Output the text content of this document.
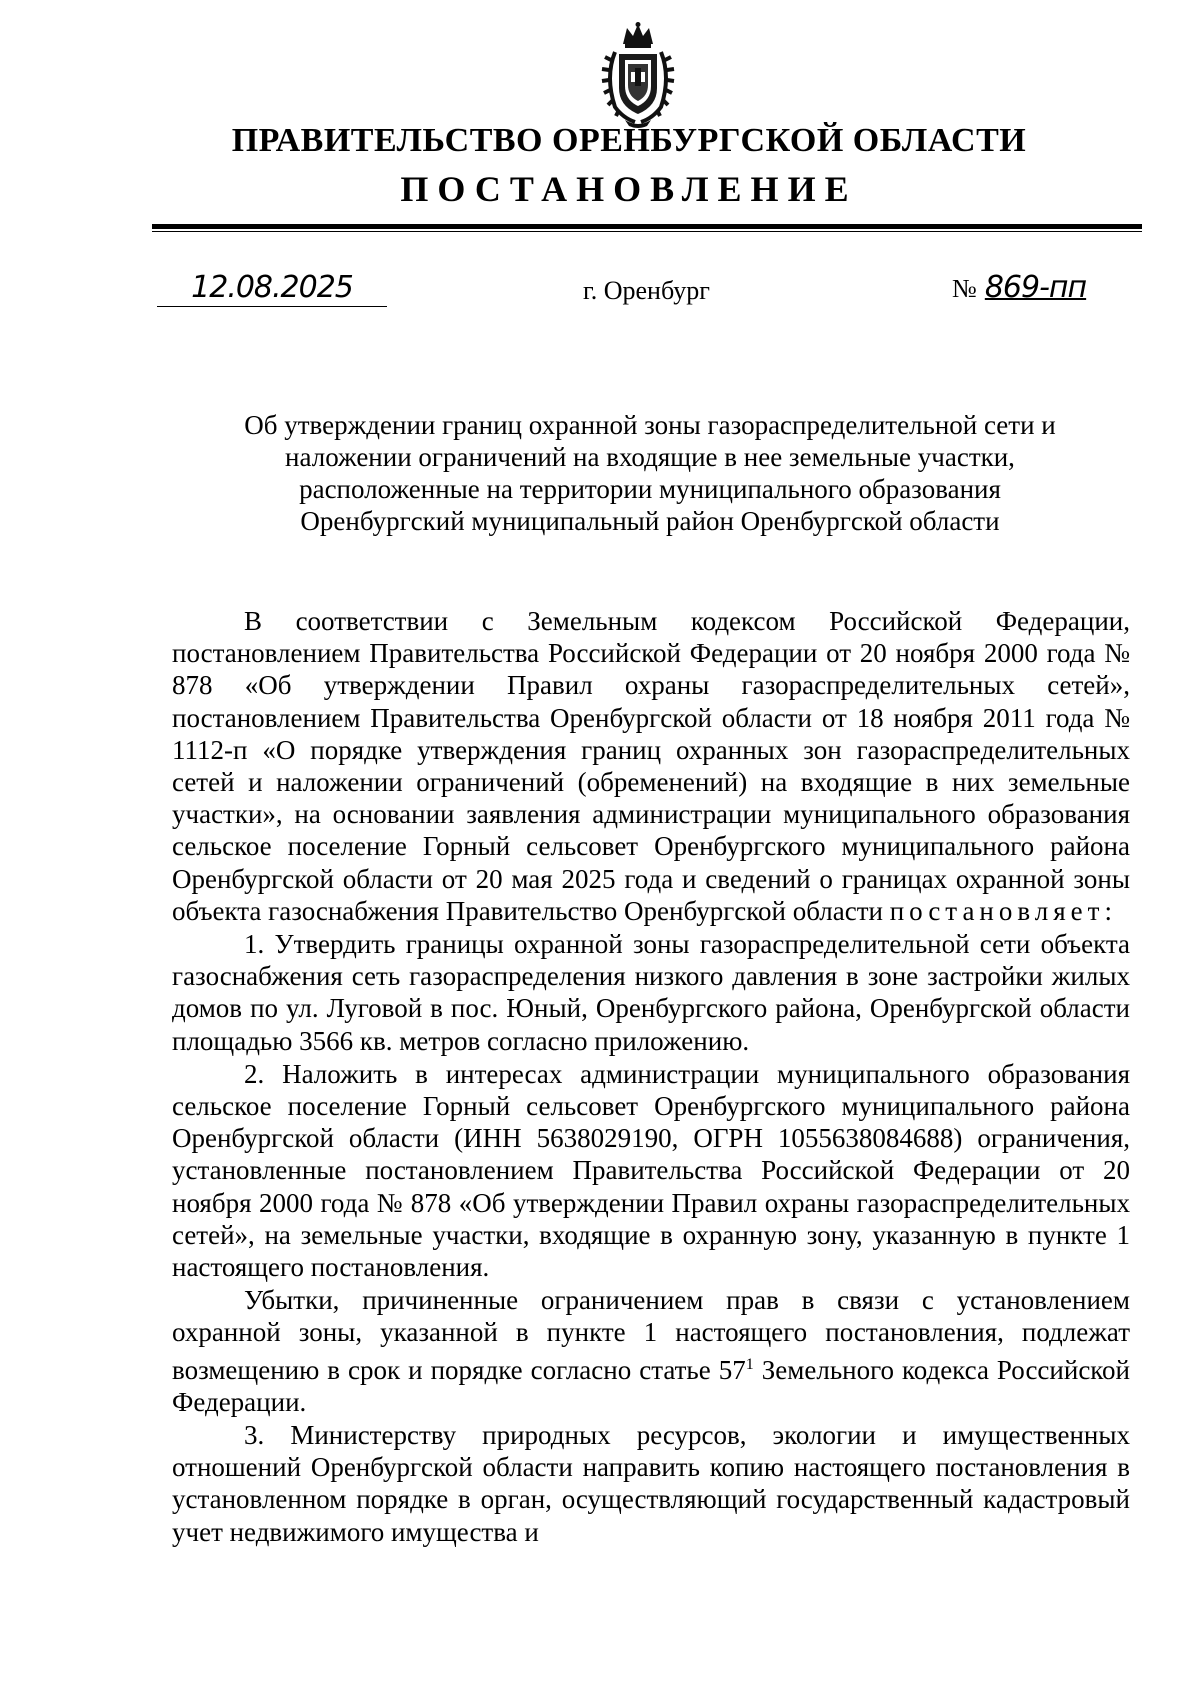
ПРАВИТЕЛЬСТВО ОРЕНБУРГСКОЙ ОБЛАСТИ
ПОСТАНОВЛЕНИЕ
12.08.2025	г. Оренбург	№ 869-пп
Об утверждении границ охранной зоны газораспределительной сети и
наложении ограничений на входящие в нее земельные участки,
расположенные на территории муниципального образования
Оренбургский муниципальный район Оренбургской области

В соответствии с Земельным кодексом Российской Федерации, постановлением Правительства Российской Федерации от 20 ноября 2000 года № 878 «Об утверждении Правил охраны газораспределительных сетей», постановлением Правительства Оренбургской области от 18 ноября 2011 года № 1112-п «О порядке утверждения границ охранных зон газораспределительных сетей и наложении ограничений (обременений) на входящие в них земельные участки», на основании заявления администрации муниципального образования сельское поселение Горный сельсовет Оренбургского муниципального района Оренбургской области от 20 мая 2025 года и сведений о границах охранной зоны объекта газоснабжения Правительство Оренбургской области постановляет:

1. Утвердить границы охранной зоны газораспределительной сети объекта газоснабжения сеть газораспределения низкого давления в зоне застройки жилых домов по ул. Луговой в пос. Юный, Оренбургского района, Оренбургской области площадью 3566 кв. метров согласно приложению.

2. Наложить в интересах администрации муниципального образования сельское поселение Горный сельсовет Оренбургского муниципального района Оренбургской области (ИНН 5638029190, ОГРН 1055638084688) ограничения, установленные постановлением Правительства Российской Федерации от 20 ноября 2000 года № 878 «Об утверждении Правил охраны газораспределительных сетей», на земельные участки, входящие в охранную зону, указанную в пункте 1 настоящего постановления.

Убытки, причиненные ограничением прав в связи с установлением охранной зоны, указанной в пункте 1 настоящего постановления, подлежат возмещению в срок и порядке согласно статье $57^1$ Земельного кодекса Российской Федерации.

3. Министерству природных ресурсов, экологии и имущественных отношений Оренбургской области направить копию настоящего постановления в установленном порядке в орган, осуществляющий государственный кадастровый учет недвижимого имущества и
